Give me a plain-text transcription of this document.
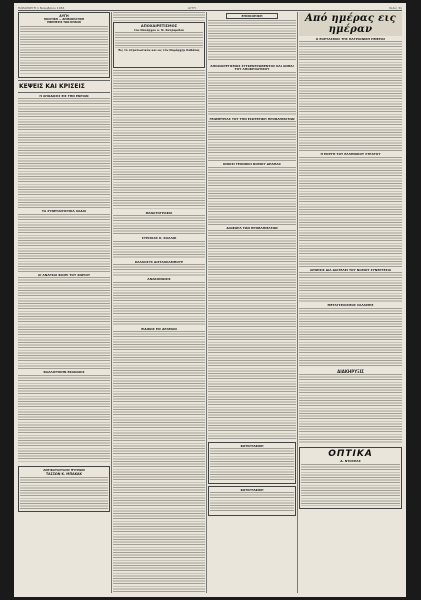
ΠΑΡΑΣΚΕΥΗ 1 Νοεμβρίου 1963	ΑΥΓΗ	Σελίς 3η
ΑΥΓΗ
ΠΟΛΙΤΙΚΗ — ΔΗΜΟΚΡΑΤΙΚΗ
ΕΦΗΜΕΡΙΣ ΤΩΝ ΝΗΣΩΝ
ΚΕΨΕΙΣ ΚΑΙ ΚΡΙΣΕΙΣ
Η ΑΠΟΔΟΣΙΣ ΕΙΣ ΤΗΝ ΕΝΡΙΑΝ
ΤΑ ΣΥΝΕΤΑΙΡΙΣΤΙΚΑ ΛΑΔΙΑ
ΑΙ ΑΝΑΓΚΑΙ ΦΑΣΕΙ ΤΟΥ ΧΩΡΙΟΥ
ΒΑΛΛΙΣΤΙΚΗΝ ΕΚΑΝΑΚΙΣ
ΑΝΤΙΚΑΤΑΣΤΑΣΙΣ ΨΥΓΕΙΩΝ
ΤΑΣΣΩΝ Κ. ΜΠΑΚΑΚ
ΑΠΟΧΑΙΡΕΤΙΣΜΟΣ
του Ναυάρχου κ. Ν. Κατραμίδου
Εις τό στρατιωτικόν και εις τόν Νομάρχην Καθάλας
ΘΑΝΑΤΟΓΡΑΦΙΑ
ΣΥΡΙΣΚΑΣ Κ. ΚΑΛΛΙΚ
ΚΑΛΛΟΣΥΣ ΔΙΣΤΑΧΙΙΑΜΠΟΥΡ
ΑΝΑΚΟΙΝΩΣΙΣ
ΕΙΔΙΚΩΣ ΕΙΣ ΔΡΑΜΑΝ
ΕΠΙΣΚΟΠΙΚΗ
ΑΠΟΧΑΙΡΕΤΙΣΜΟΣ ΣΥΓΚΕΝΤΡΩΘΕΝΤΟΣ ΚΑΙ ΑΝΘΑΙ ΤΟΥ ΑΠΟΚΡΟΑΤΙΚΟΥ
ΓΕΩΜΕΤΡΙΑΣ ΤΟΥ ΤΗΝ ΕΣΩΤΕΡΙΚΗ ΠΡΟΒΛΗΜΑΤΩΝ
ΚΙΝΟΣΙ ΤΕΧΝΙΚΟΙ ΝΟΜΟΥ ΔΡΑΜΑΣ
ΔΙΑΦΟΡΑ ΤΩΝ ΠΡΟΒΛΗΜΑΤΩΝ
ΦΩΤΟΓΡΑΦΙΚΗ
ΦΩΤΟΓΡΑΦΙΚΗ
Από ημέρας εις ημέραν
Ο ΕΟΡΤΑΣΜΟΣ ΤΗΣ ΠΑΤΡΙΟΝΙΚΗ ΗΜΕΡΑΣ
Η ΕΟΡΤΗ ΤΟΥ ΕΛΛΗΝΙΚΟΥ ΣΤΡΑΤΟΥ
ΑΡΝΗΣΙΣ ΔΙΑ ΔΙΑΤΕΛΕΙ ΤΟΥ ΝΟΜΟΥ ΣΥΝΕΡΓΕΣΙΑ
ΜΕΤΑΓΣΕΛΙΣΜΟΣ ΣΑΛΑΜΗΣ
ΔΙΑΚΗΡΥΞΙΣ
ΟΠΤΙΚΑ
Δ. ΝΤΟΣΠΑΣ
